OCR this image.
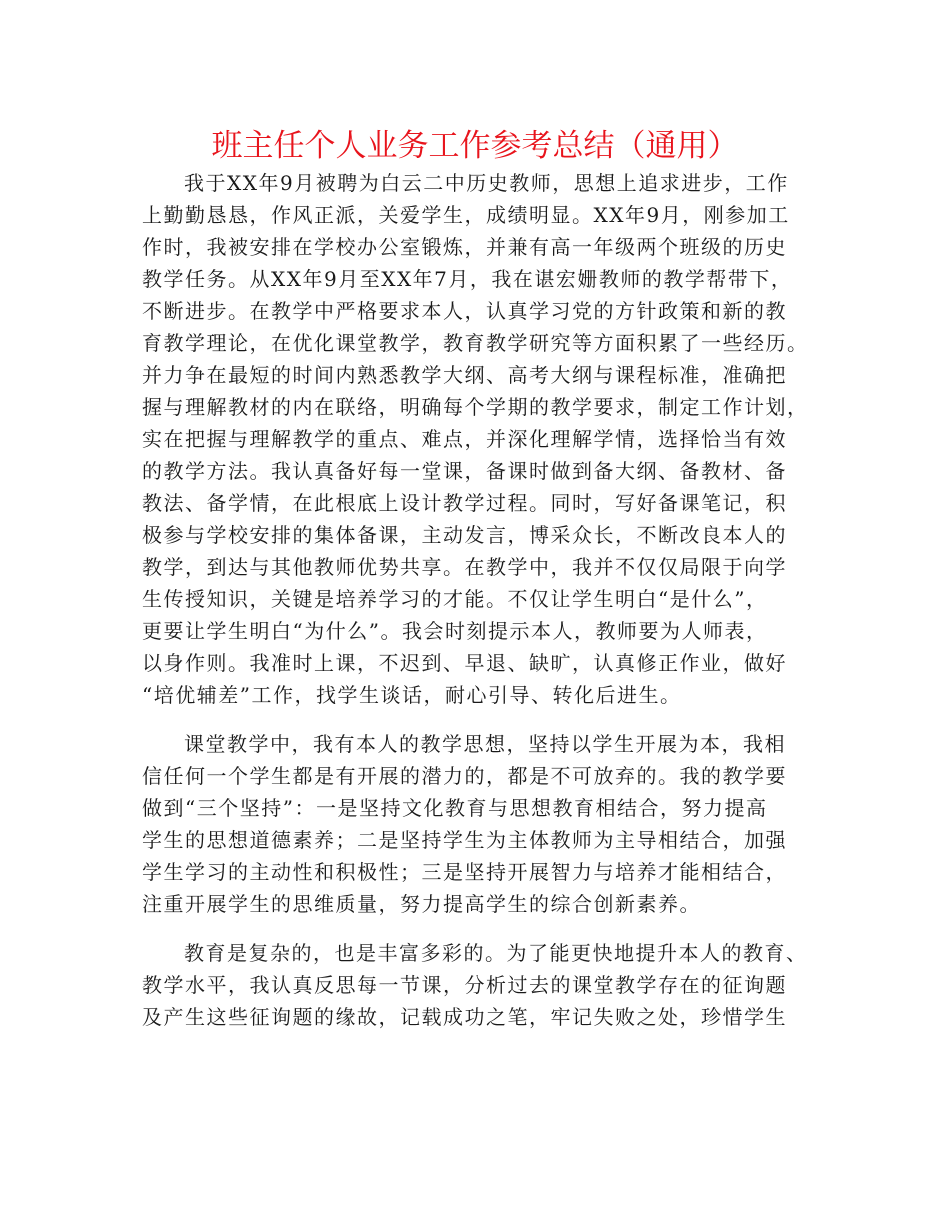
班主任个人业务工作参考总结（通用）
我于XX年9月被聘为白云二中历史教师，思想上追求进步，工作
上勤勤恳恳，作风正派，关爱学生，成绩明显。XX年9月，刚参加工
作时，我被安排在学校办公室锻炼，并兼有高一年级两个班级的历史
教学任务。从XX年9月至XX年7月，我在谌宏姗教师的教学帮带下，
不断进步。在教学中严格要求本人，认真学习党的方针政策和新的教
育教学理论，在优化课堂教学，教育教学研究等方面积累了一些经历。
并力争在最短的时间内熟悉教学大纲、高考大纲与课程标准，准确把
握与理解教材的内在联络，明确每个学期的教学要求，制定工作计划，
实在把握与理解教学的重点、难点，并深化理解学情，选择恰当有效
的教学方法。我认真备好每一堂课，备课时做到备大纲、备教材、备
教法、备学情，在此根底上设计教学过程。同时，写好备课笔记，积
极参与学校安排的集体备课，主动发言，博采众长，不断改良本人的
教学，到达与其他教师优势共享。在教学中，我并不仅仅局限于向学
生传授知识，关键是培养学习的才能。不仅让学生明白“是什么”，
更要让学生明白“为什么”。我会时刻提示本人，教师要为人师表，
以身作则。我准时上课，不迟到、早退、缺旷，认真修正作业，做好
“培优辅差”工作，找学生谈话，耐心引导、转化后进生。
课堂教学中，我有本人的教学思想，坚持以学生开展为本，我相
信任何一个学生都是有开展的潜力的，都是不可放弃的。我的教学要
做到“三个坚持”：一是坚持文化教育与思想教育相结合，努力提高
学生的思想道德素养；二是坚持学生为主体教师为主导相结合，加强
学生学习的主动性和积极性；三是坚持开展智力与培养才能相结合，
注重开展学生的思维质量，努力提高学生的综合创新素养。
教育是复杂的，也是丰富多彩的。为了能更快地提升本人的教育、
教学水平，我认真反思每一节课，分析过去的课堂教学存在的征询题
及产生这些征询题的缘故，记载成功之笔，牢记失败之处，珍惜学生
